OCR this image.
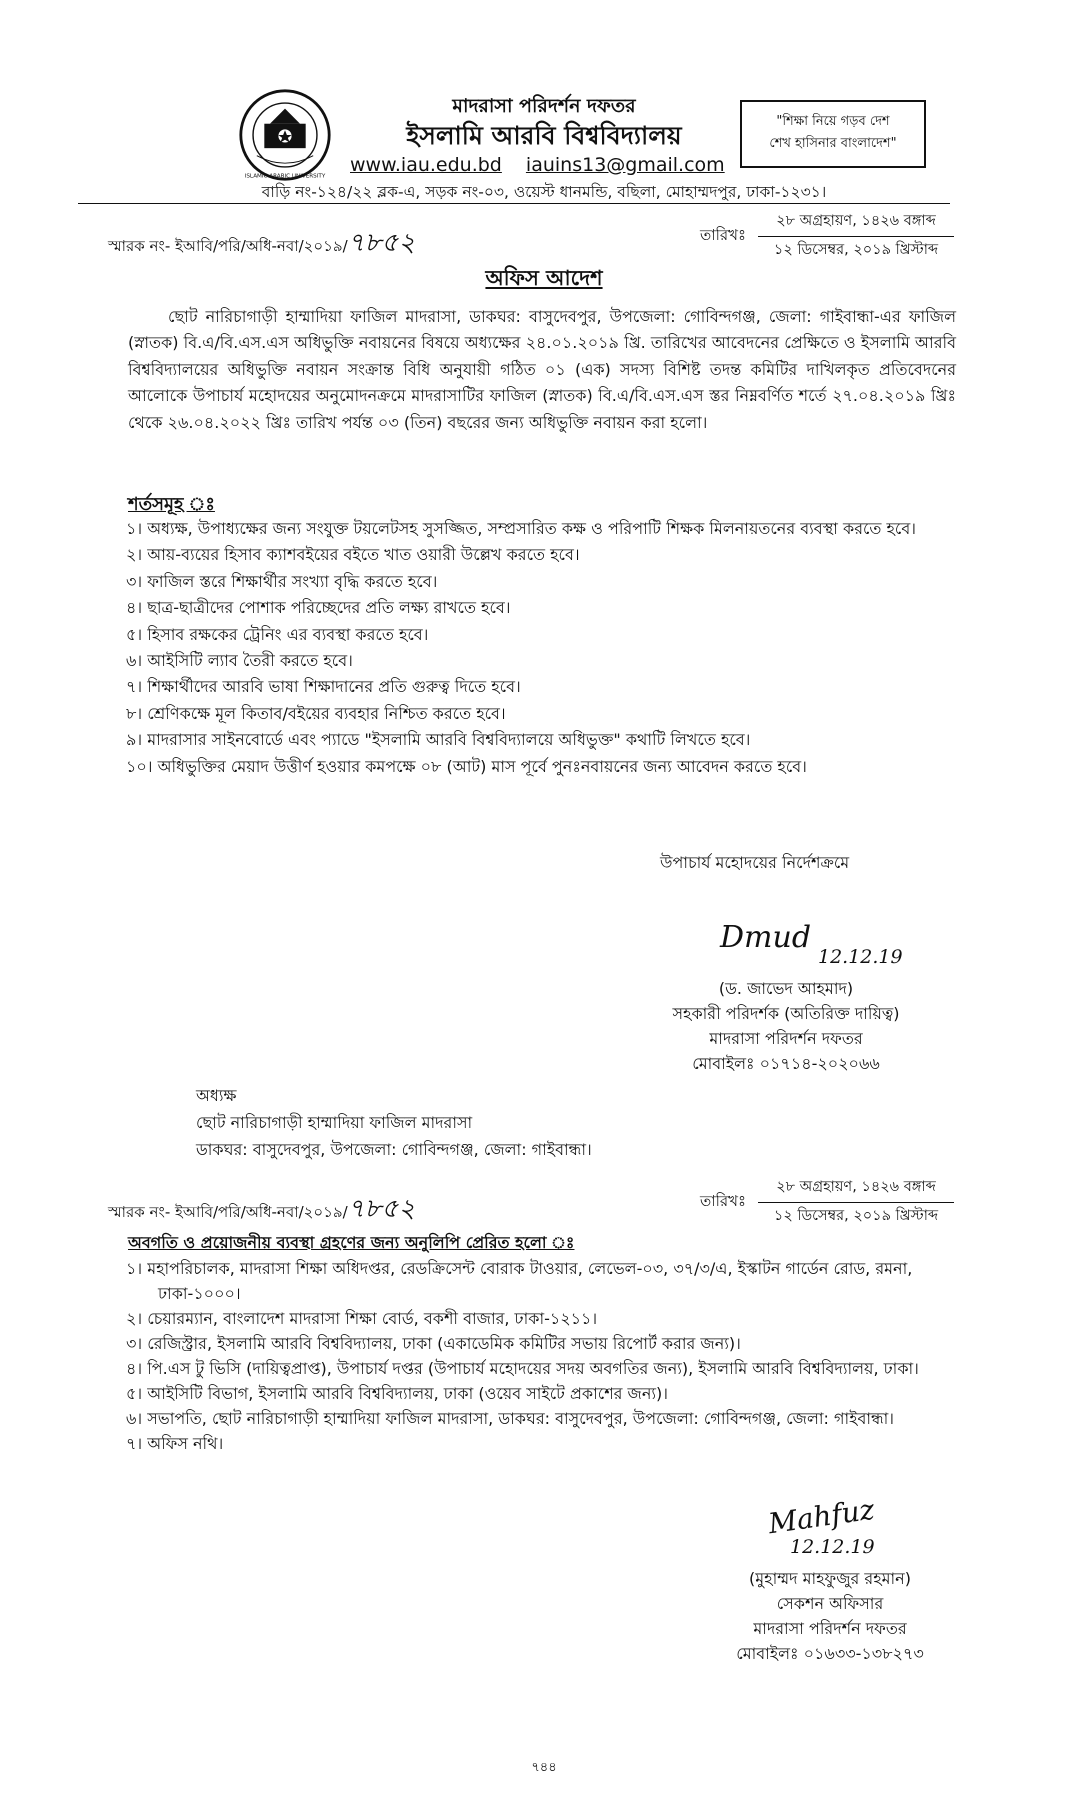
ISLAMIC ARABIC UNIVERSITY
মাদরাসা পরিদর্শন দফতর
ইসলামি আরবি বিশ্ববিদ্যালয়
www.iau.edu.bd iauins13@gmail.com
বাড়ি নং-১২৪/২২ ব্লক-এ, সড়ক নং-০৩, ওয়েস্ট ধানমন্ডি, বছিলা, মোহাম্মদপুর, ঢাকা-১২৩১।
"শিক্ষা নিয়ে গড়ব দেশ
শেখ হাসিনার বাংলাদেশ"
স্মারক নং- ইআবি/পরি/অধি-নবা/২০১৯/৭৮৫২	তারিখঃ
২৮ অগ্রহায়ণ, ১৪২৬ বঙ্গাব্দ
১২ ডিসেম্বর, ২০১৯ খ্রিস্টাব্দ
অফিস আদেশ
ছোট নারিচাগাড়ী হাম্মাদিয়া ফাজিল মাদরাসা, ডাকঘর: বাসুদেবপুর, উপজেলা: গোবিন্দগঞ্জ, জেলা: গাইবান্ধা-এর ফাজিল (স্নাতক) বি.এ/বি.এস.এস অধিভুক্তি নবায়নের বিষয়ে অধ্যক্ষের ২৪.০১.২০১৯ খ্রি. তারিখের আবেদনের প্রেক্ষিতে ও ইসলামি আরবি বিশ্ববিদ্যালয়ের অধিভুক্তি নবায়ন সংক্রান্ত বিধি অনুযায়ী গঠিত ০১ (এক) সদস্য বিশিষ্ট তদন্ত কমিটির দাখিলকৃত প্রতিবেদনের আলোকে উপাচার্য মহোদয়ের অনুমোদনক্রমে মাদরাসাটির ফাজিল (স্নাতক) বি.এ/বি.এস.এস স্তর নিম্নবর্ণিত শর্তে ২৭.০৪.২০১৯ খ্রিঃ থেকে ২৬.০৪.২০২২ খ্রিঃ তারিখ পর্যন্ত ০৩ (তিন) বছরের জন্য অধিভুক্তি নবায়ন করা হলো।
শর্তসমূহ ঃ
১। অধ্যক্ষ, উপাধ্যক্ষের জন্য সংযুক্ত টয়লেটসহ সুসজ্জিত, সম্প্রসারিত কক্ষ ও পরিপাটি শিক্ষক মিলনায়তনের ব্যবস্থা করতে হবে।
২। আয়-ব্যয়ের হিসাব ক্যাশবইয়ের বইতে খাত ওয়ারী উল্লেখ করতে হবে।
৩। ফাজিল স্তরে শিক্ষার্থীর সংখ্যা বৃদ্ধি করতে হবে।
৪। ছাত্র-ছাত্রীদের পোশাক পরিচ্ছেদের প্রতি লক্ষ্য রাখতে হবে।
৫। হিসাব রক্ষকের ট্রেনিং এর ব্যবস্থা করতে হবে।
৬। আইসিটি ল্যাব তৈরী করতে হবে।
৭। শিক্ষার্থীদের আরবি ভাষা শিক্ষাদানের প্রতি গুরুত্ব দিতে হবে।
৮। শ্রেণিকক্ষে মূল কিতাব/বইয়ের ব্যবহার নিশ্চিত করতে হবে।
৯। মাদরাসার সাইনবোর্ডে এবং প্যাডে "ইসলামি আরবি বিশ্ববিদ্যালয়ে অধিভুক্ত" কথাটি লিখতে হবে।
১০। অধিভুক্তির মেয়াদ উত্তীর্ণ হওয়ার কমপক্ষে ০৮ (আট) মাস পূর্বে পুনঃনবায়নের জন্য আবেদন করতে হবে।
উপাচার্য মহোদয়ের নির্দেশক্রমে
Dmud
12.12.19
(ড. জাভেদ আহমাদ)
সহকারী পরিদর্শক (অতিরিক্ত দায়িত্ব)
মাদরাসা পরিদর্শন দফতর
মোবাইলঃ ০১৭১৪-২০২০৬৬
অধ্যক্ষ
ছোট নারিচাগাড়ী হাম্মাদিয়া ফাজিল মাদরাসা
ডাকঘর: বাসুদেবপুর, উপজেলা: গোবিন্দগঞ্জ, জেলা: গাইবান্ধা।
স্মারক নং- ইআবি/পরি/অধি-নবা/২০১৯/৭৮৫২	তারিখঃ
২৮ অগ্রহায়ণ, ১৪২৬ বঙ্গাব্দ
১২ ডিসেম্বর, ২০১৯ খ্রিস্টাব্দ
অবগতি ও প্রয়োজনীয় ব্যবস্থা গ্রহণের জন্য অনুলিপি প্রেরিত হলো ঃ
১। মহাপরিচালক, মাদরাসা শিক্ষা অধিদপ্তর, রেডক্রিসেন্ট বোরাক টাওয়ার, লেভেল-০৩, ৩৭/৩/এ, ইস্কাটন গার্ডেন রোড, রমনা, ঢাকা-১০০০।
২। চেয়ারম্যান, বাংলাদেশ মাদরাসা শিক্ষা বোর্ড, বকশী বাজার, ঢাকা-১২১১।
৩। রেজিস্ট্রার, ইসলামি আরবি বিশ্ববিদ্যালয়, ঢাকা (একাডেমিক কমিটির সভায় রিপোর্ট করার জন্য)।
৪। পি.এস টু ভিসি (দায়িত্বপ্রাপ্ত), উপাচার্য দপ্তর (উপাচার্য মহোদয়ের সদয় অবগতির জন্য), ইসলামি আরবি বিশ্ববিদ্যালয়, ঢাকা।
৫। আইসিটি বিভাগ, ইসলামি আরবি বিশ্ববিদ্যালয়, ঢাকা (ওয়েব সাইটে প্রকাশের জন্য)।
৬। সভাপতি, ছোট নারিচাগাড়ী হাম্মাদিয়া ফাজিল মাদরাসা, ডাকঘর: বাসুদেবপুর, উপজেলা: গোবিন্দগঞ্জ, জেলা: গাইবান্ধা।
৭। অফিস নথি।
Mahfuz
12.12.19
(মুহাম্মদ মাহফুজুর রহমান)
সেকশন অফিসার
মাদরাসা পরিদর্শন দফতর
মোবাইলঃ ০১৬৩৩-১৩৮২৭৩
৭৪৪
